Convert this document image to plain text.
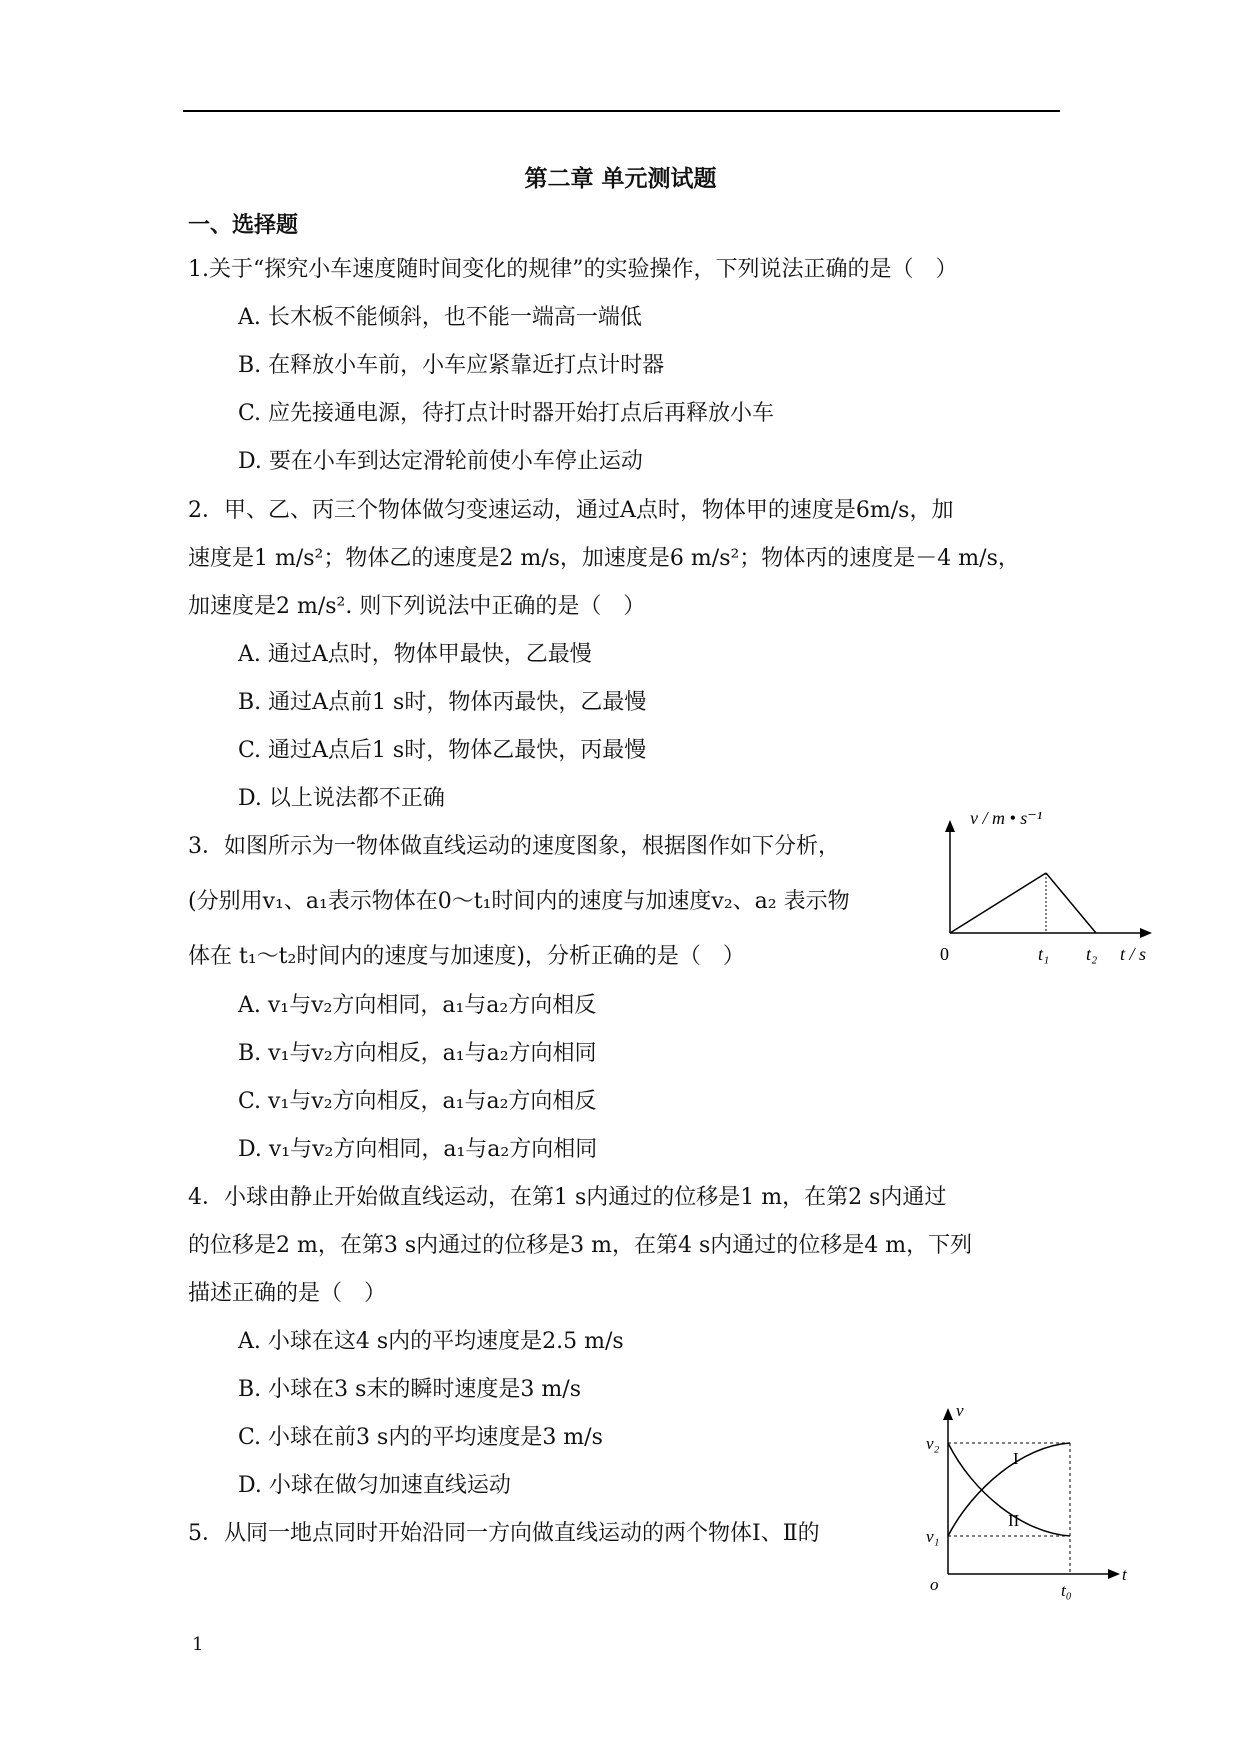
第二章 单元测试题
一、选择题
1.关于“探究小车速度随时间变化的规律”的实验操作，下列说法正确的是（　）
A. 长木板不能倾斜，也不能一端高一端低
B. 在释放小车前，小车应紧靠近打点计时器
C. 应先接通电源，待打点计时器开始打点后再释放小车
D. 要在小车到达定滑轮前使小车停止运动
2．甲、乙、丙三个物体做匀变速运动，通过A点时，物体甲的速度是6m/s，加
速度是1 m/s²；物体乙的速度是2 m/s，加速度是6 m/s²；物体丙的速度是－4 m/s，
加速度是2 m/s². 则下列说法中正确的是（　）
A. 通过A点时，物体甲最快，乙最慢
B. 通过A点前1 s时，物体丙最快，乙最慢
C. 通过A点后1 s时，物体乙最快，丙最慢
D. 以上说法都不正确
3．如图所示为一物体做直线运动的速度图象，根据图作如下分析，
(分别用v₁、a₁表示物体在0～t₁时间内的速度与加速度v₂、a₂ 表示物
体在 t₁～t₂时间内的速度与加速度)，分析正确的是（　）
A. v₁与v₂方向相同，a₁与a₂方向相反
B. v₁与v₂方向相反，a₁与a₂方向相同
C. v₁与v₂方向相反，a₁与a₂方向相反
D. v₁与v₂方向相同，a₁与a₂方向相同
4．小球由静止开始做直线运动，在第1 s内通过的位移是1 m，在第2 s内通过
的位移是2 m，在第3 s内通过的位移是3 m，在第4 s内通过的位移是4 m，下列
描述正确的是（　）
A. 小球在这4 s内的平均速度是2.5 m/s
B. 小球在3 s末的瞬时速度是3 m/s
C. 小球在前3 s内的平均速度是3 m/s
D. 小球在做匀加速直线运动
5．从同一地点同时开始沿同一方向做直线运动的两个物体Ⅰ、Ⅱ的
v / m • s⁻¹
0	t₁ t₂ t / s
I
II
v
v₂
v₁
o	t₀
t
1
